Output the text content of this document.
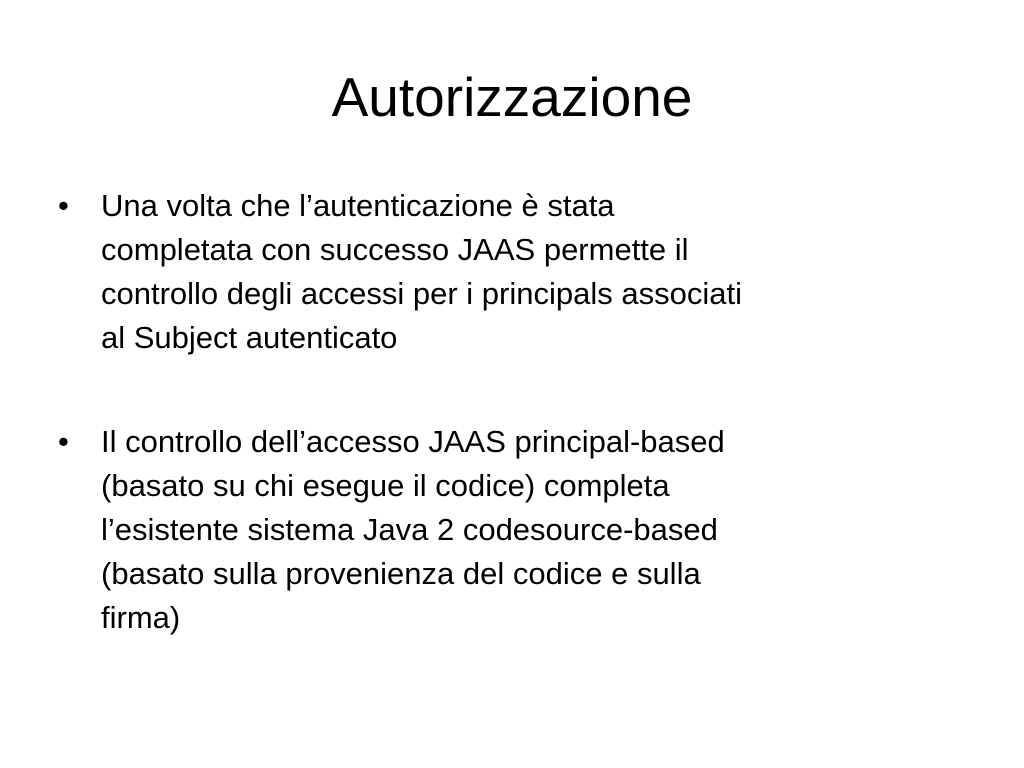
Autorizzazione
•	Una volta che l’autenticazione è stata
completata con successo JAAS permette il
controllo degli accessi per i principals associati
al Subject autenticato
•	Il controllo dell’accesso JAAS principal-based
(basato su chi esegue il codice) completa
l’esistente sistema Java 2 codesource-based
(basato sulla provenienza del codice e sulla
firma)
